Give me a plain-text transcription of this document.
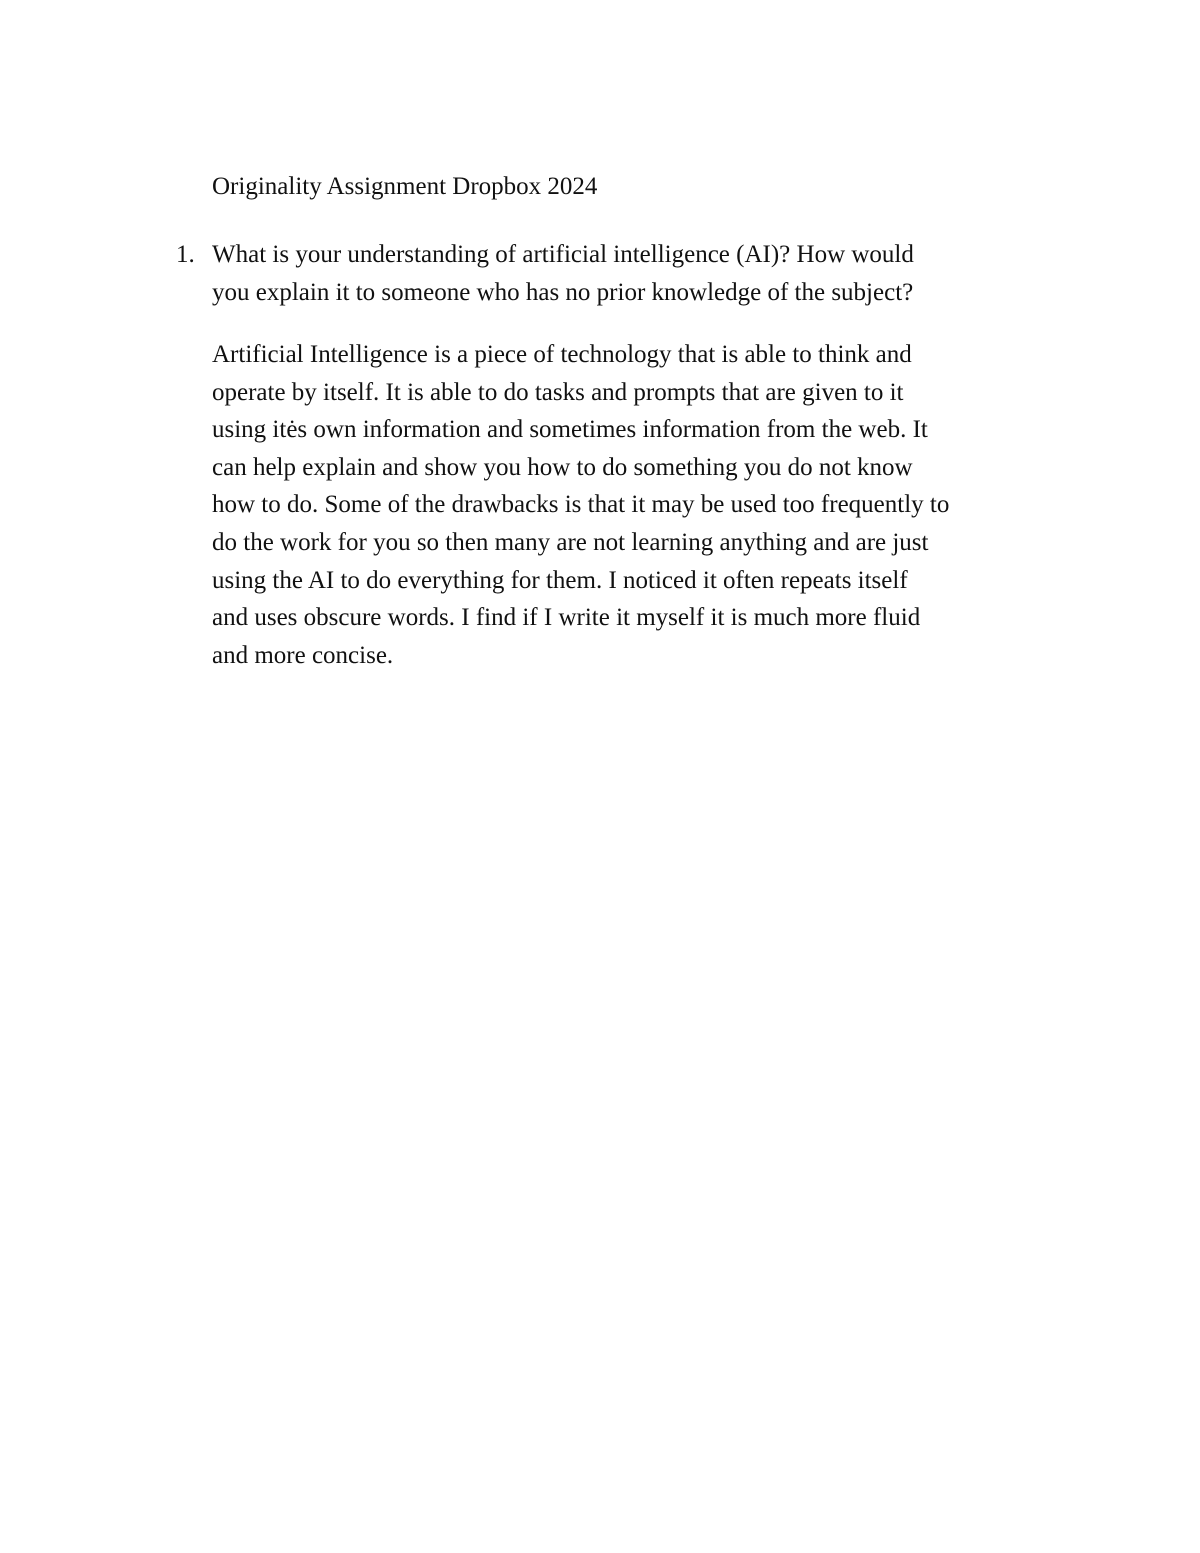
Originality Assignment Dropbox 2024
1. What is your understanding of artificial intelligence (AI)? How would
you explain it to someone who has no prior knowledge of the subject?
Artificial Intelligence is a piece of technology that is able to think and
operate by itself. It is able to do tasks and prompts that are given to it
using itės own information and sometimes information from the web. It
can help explain and show you how to do something you do not know
how to do. Some of the drawbacks is that it may be used too frequently to
do the work for you so then many are not learning anything and are just
using the AI to do everything for them. I noticed it often repeats itself
and uses obscure words. I find if I write it myself it is much more fluid
and more concise.
